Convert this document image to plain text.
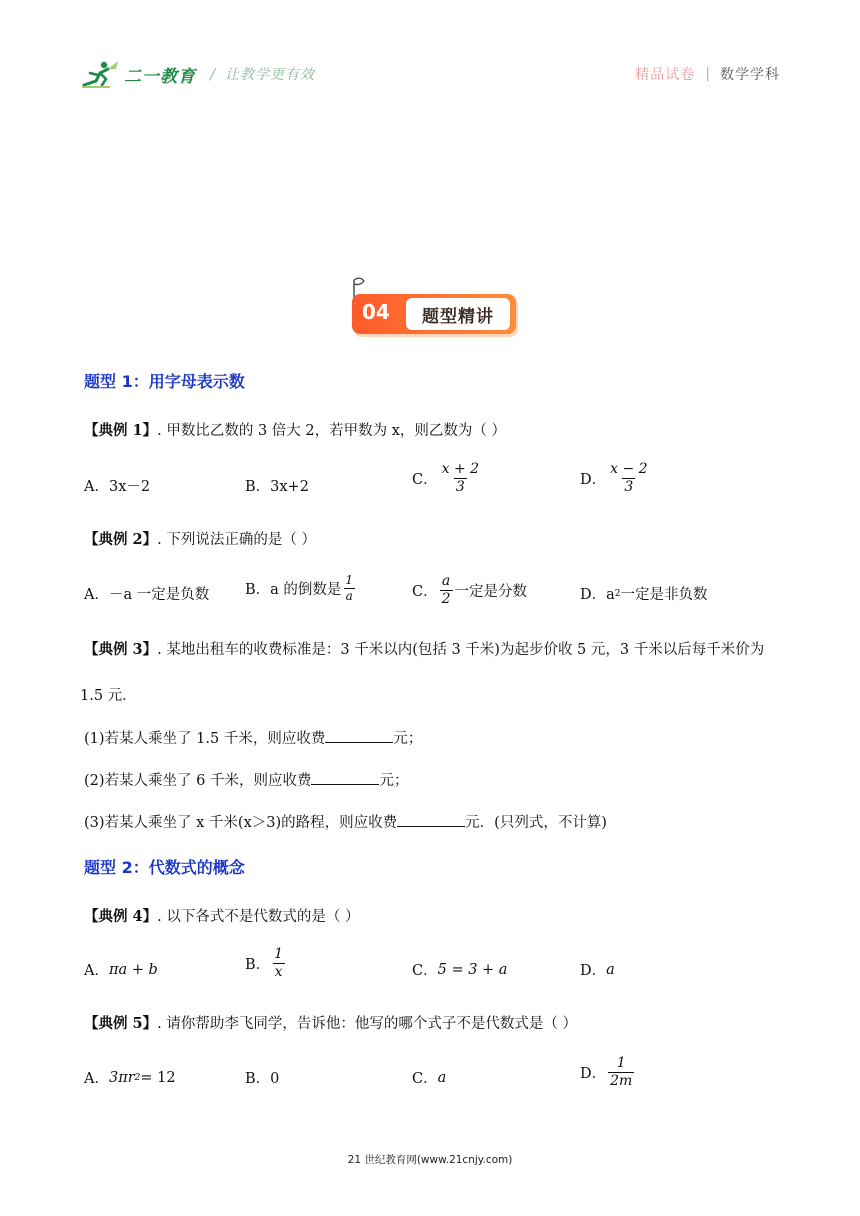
二一教育 / 让教学更有效	精品试卷 | 数学学科
04	题型精讲
题型 1：用字母表示数
【典例 1】. 甲数比乙数的 3 倍大 2，若甲数为 x，则乙数为（ ）
A．3x－2	B．3x+2	C． $\frac{x + 2}{3}$	D． $\frac{x - 2}{3}$
【典例 2】. 下列说法正确的是（ ）
A．－a 一定是负数 B．a 的倒数是 $\frac{1}{a}$	C． $\frac{a}{2}$ 一定是分数	D．a 2 一定是非负数
【典例 3】. 某地出租车的收费标准是：3 千米以内(包括 3 千米)为起步价收 5 元，3 千米以后每千米价为
1.5 元．
(1)若某人乘坐了 1.5 千米，则应收费	元；
(2)若某人乘坐了 6 千米，则应收费	元；
(3)若某人乘坐了 x 千米(x＞3)的路程，则应收费	元．(只列式，不计算)
题型 2：代数式的概念
【典例 4】. 以下各式不是代数式的是（ ）
A． πa + b	B． $\frac{1}{x}$	C． 5 = 3 + a	D． a
【典例 5】. 请你帮助李飞同学，告诉他：他写的哪个式子不是代数式是（ ）
A． 3πr 2 = 12	B．0	C． a	D． $\frac{1}{2m}$
21 世纪教育网(www.21cnjy.com)
